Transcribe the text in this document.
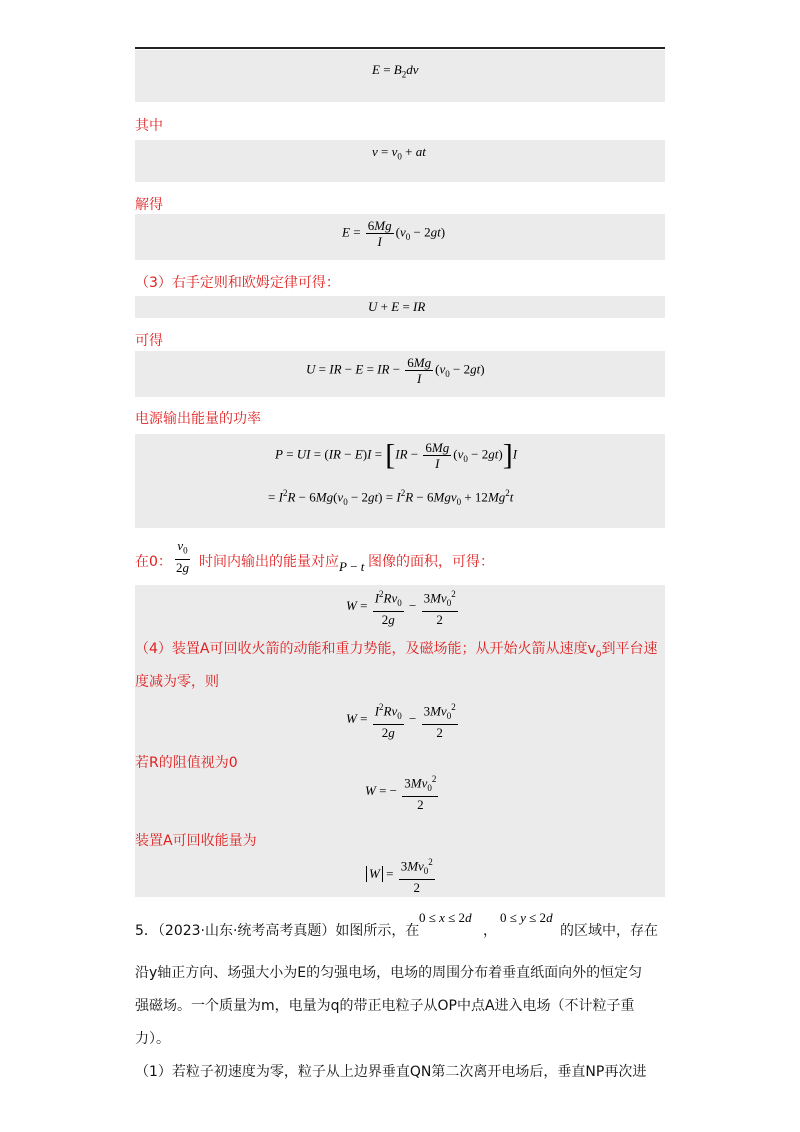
$E = B_2dv$
其中
$v = v_0$ + at
解得
$E = \frac{6Mg}{I} (v_0 - 2gt)$
（3）右手定则和欧姆定律可得：
U + E = IR
可得
U = IR − E = IR − $\frac{6Mg}{I} (v_0 - 2gt)$
电源输出能量的功率
P = UI = $(IR - E)I = [IR - \frac{6Mg}{I} (v_0 - 2gt)]I$
= $I^2R - 6Mg(v_0 - 2gt) = I^2R - 6Mgv_0 + 12Mg^2t$
在0： $\frac{v_0}{2g}$ 时间内输出的能量对应 P − t 图像的面积，可得：
$W = \frac{I^2Rv_0}{2g} - \frac{3Mv_0^2}{2}$
（4）装置A可回收火箭的动能和重力势能，及磁场能；从开始火箭从速度$v_0$到平台速
度减为零，则
$W = \frac{I^2Rv_0}{2g} - \frac{3Mv_0^2}{2}$
若R的阻值视为0
W = − $\frac{3Mv_0^2}{2}$
装置A可回收能量为
$W = \frac{3Mv_0^2}{2}$
5．（2023·山东·统考高考真题）如图所示，在
0 ≤ x ≤ 2d
，
0 ≤ y ≤ 2d
的区域中，存在
沿y轴正方向、场强大小为E的匀强电场，电场的周围分布着垂直纸面向外的恒定匀
强磁场。一个质量为m，电量为q的带正电粒子从OP中点A进入电场（不计粒子重
力）。
（1）若粒子初速度为零，粒子从上边界垂直QN第二次离开电场后，垂直NP再次进
